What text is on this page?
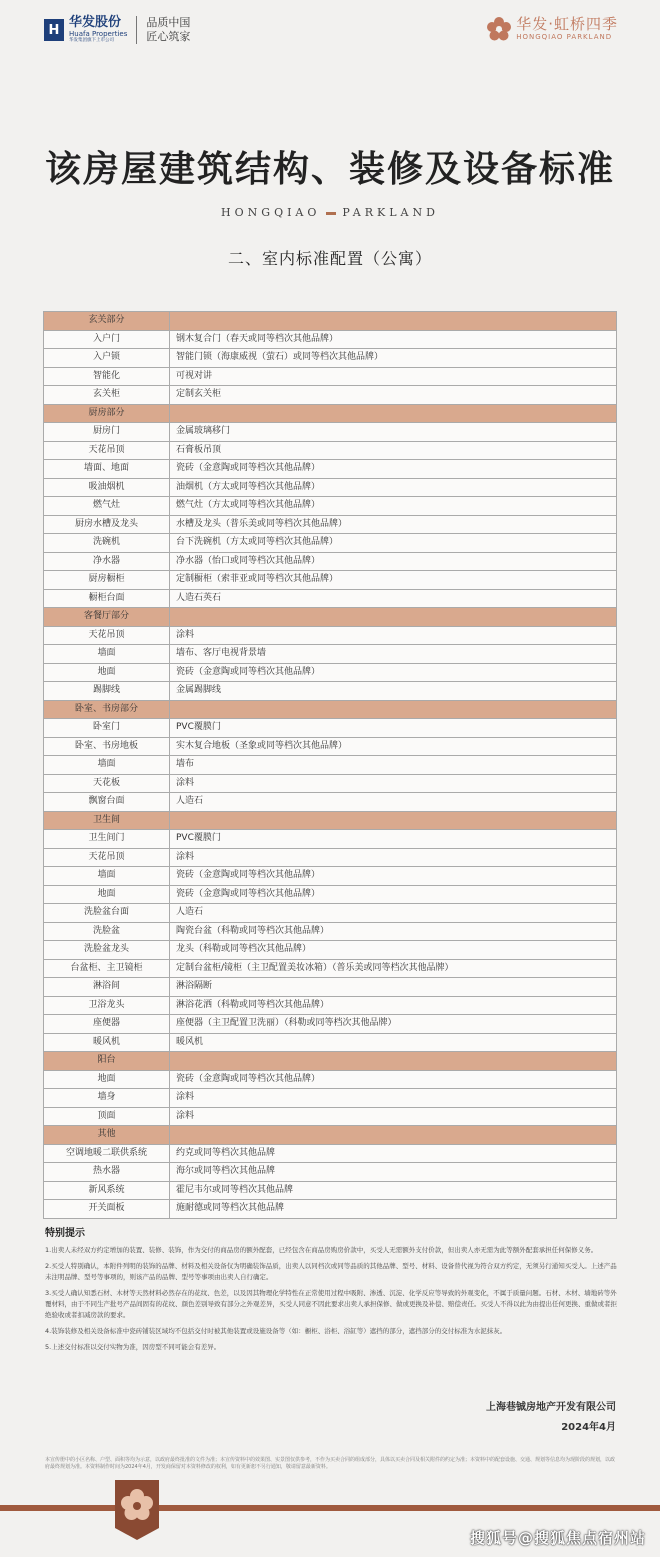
H 华发股份
Huafa Properties
华发集团旗下上市公司
品质中国
匠心筑家
华发·虹桥四季
HONGQIAO PARKLAND
该房屋建筑结构、装修及设备标准
HONGQIAO PARKLAND
二、室内标准配置（公寓）
玄关部分	
入户门	钢木复合门（春天或同等档次其他品牌）
入户锁	智能门锁（海康威视（萤石）或同等档次其他品牌）
智能化	可视对讲
玄关柜	定制玄关柜
厨房部分	
厨房门	金属玻璃移门
天花吊顶	石膏板吊顶
墙面、地面	瓷砖（金意陶或同等档次其他品牌）
吸油烟机	油烟机（方太或同等档次其他品牌）
燃气灶	燃气灶（方太或同等档次其他品牌）
厨房水槽及龙头	水槽及龙头（普乐美或同等档次其他品牌）
洗碗机	台下洗碗机（方太或同等档次其他品牌）
净水器	净水器（怡口或同等档次其他品牌）
厨房橱柜	定制橱柜（索菲亚或同等档次其他品牌）
橱柜台面	人造石英石
客餐厅部分	
天花吊顶	涂料
墙面	墙布、客厅电视背景墙
地面	瓷砖（金意陶或同等档次其他品牌）
踢脚线	金属踢脚线
卧室、书房部分	
卧室门	PVC覆膜门
卧室、书房地板	实木复合地板（圣象或同等档次其他品牌）
墙面	墙布
天花板	涂料
飘窗台面	人造石
卫生间	
卫生间门	PVC覆膜门
天花吊顶	涂料
墙面	瓷砖（金意陶或同等档次其他品牌）
地面	瓷砖（金意陶或同等档次其他品牌）
洗脸盆台面	人造石
洗脸盆	陶瓷台盆（科勒或同等档次其他品牌）
洗脸盆龙头	龙头（科勒或同等档次其他品牌）
台盆柜、主卫镜柜	定制台盆柜/镜柜（主卫配置美妆冰箱）（普乐美或同等档次其他品牌）
淋浴间	淋浴隔断
卫浴龙头	淋浴花洒（科勒或同等档次其他品牌）
座便器	座便器（主卫配置卫洗丽）（科勒或同等档次其他品牌）
暖风机	暖风机
阳台	
地面	瓷砖（金意陶或同等档次其他品牌）
墙身	涂料
顶面	涂料
其他	
空调地暖二联供系统	约克或同等档次其他品牌
热水器	海尔或同等档次其他品牌
新风系统	霍尼韦尔或同等档次其他品牌
开关面板	施耐德或同等档次其他品牌
特别提示
1.出卖人未经双方约定增加的装置、装修、装饰，作为交付的商品房的额外配套，已经包含在商品房购房价款中，买受人无需额外支付价款，但出卖人亦无需为此等额外配套承担任何保修义务。
2.买受人特别确认，本附件列明的装饰的品牌、材料及相关设备仅为明确装饰品质，出卖人以同档次或同等品质的其他品牌、型号、材料、设备替代视为符合双方约定，无须另行通知买受人。上述产品未注明品牌、型号等事项的，则该产品的品牌、型号等事项由出卖人自行确定。
3.买受人确认知悉石材、木材等天然材料必然存在的花纹、色差，以及因其物理化学特性在正常使用过程中吸附、渗透、沉淀、化学反应等导致的外观变化，不属于质量问题。石材、木材、墙地砖等外覆材料，由于不同生产批号产品间固有的花纹、颜色差别导致有部分之外观差异，买受人同意不因此要求出卖人承担保修、做或更换及补偿、赔偿责任。买受人不得以此为由提出任何更换、重做或者拒绝验收或者扣减房款的要求。
4.装饰装修及相关设备标准中瓷砖铺装区域均不包括交付时被其他装置或设施设备等（如：橱柜、浴柜、浴缸等）遮挡的部分，遮挡部分的交付标准为水泥抹灰。
5.上述交付标准以交付实物为准，因房型不同可能会有差异。
上海巷铖房地产开发有限公司
2024年4月
本宣传册中的小区名称、户型、面积等均为示意，以政府最终批准的文件为准；本宣传资料中的效果图、实景图仅供参考，不作为买卖合同的组成部分，具体以买卖合同及相关附件的约定为准；本资料中的配套设施、交通、规划等信息均为现阶段的规划，以政府最终规划为准。本资料制作时间为2024年4月，开发商保留对本资料修改的权利，如有更新恕不另行通知，敬请留意最新资料。
搜狐号@搜狐焦点宿州站
